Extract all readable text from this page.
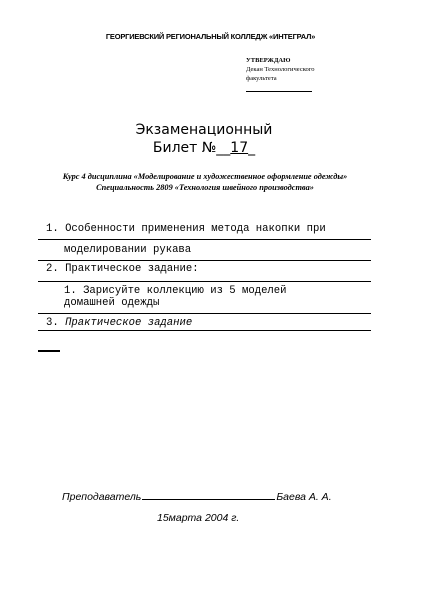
ГЕОРГИЕВСКИЙ РЕГИОНАЛЬНЫЙ КОЛЛЕДЖ «ИНТЕГРАЛ»
УТВЕРЖДАЮ
Декан Технологического
факультета
Экзаменационный
Билет №__17_
Курс 4 дисциплина «Моделирование и художественное оформление одежды»
Специальность 2809 «Технология швейного производства»
1. Особенности применения метода накопки при
моделировании рукава
2. Практическое задание:
1. Зарисуйте коллекцию из 5 моделей
домашней одежды
3. Практическое задание
Преподаватель	Баева А. А.
15марта 2004 г.
